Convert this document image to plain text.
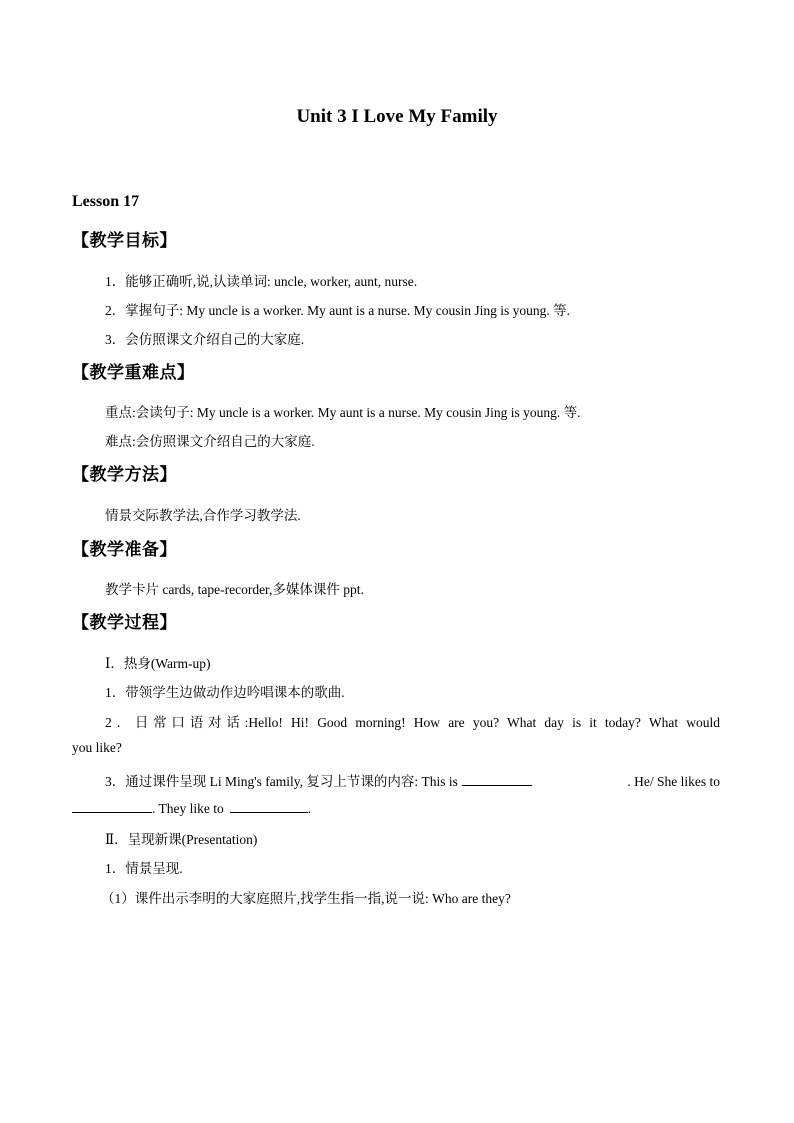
Unit 3 I Love My Family
Lesson 17
【教学目标】
1．能够正确听,说,认读单词: uncle, worker, aunt, nurse.
2．掌握句子: My uncle is a worker. My aunt is a nurse. My cousin Jing is young. 等.
3．会仿照课文介绍自己的大家庭.
【教学重难点】
重点:会读句子: My uncle is a worker. My aunt is a nurse. My cousin Jing is young. 等.
难点:会仿照课文介绍自己的大家庭.
【教学方法】
情景交际教学法,合作学习教学法.
【教学准备】
教学卡片 cards, tape-recorder,多媒体课件 ppt.
【教学过程】
Ⅰ．热身(Warm-up)
1．带领学生边做动作边吟唱课本的歌曲.
2．日常口语对话:Hello! Hi! Good morning! How are you? What day is it today? What would
you like?
3．通过课件呈现 Li Ming's family, 复习上节课的内容: This is	. He/ She likes to
. They like to	.
Ⅱ．呈现新课(Presentation)
1．情景呈现.
（1）课件出示李明的大家庭照片,找学生指一指,说一说: Who are they?
